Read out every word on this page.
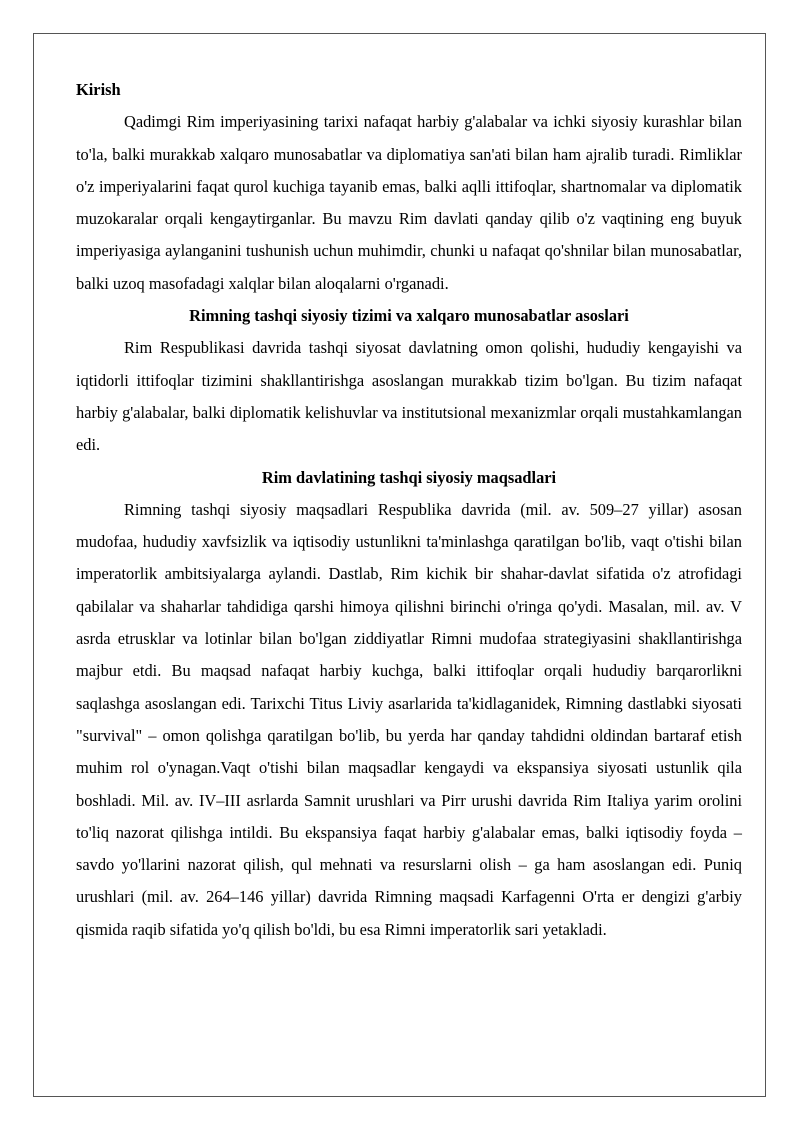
Kirish

Qadimgi Rim imperiyasining tarixi nafaqat harbiy g'alabalar va ichki siyosiy kurashlar bilan to'la, balki murakkab xalqaro munosabatlar va diplomatiya san'ati bilan ham ajralib turadi. Rimliklar o'z imperiyalarini faqat qurol kuchiga tayanib emas, balki aqlli ittifoqlar, shartnomalar va diplomatik muzokaralar orqali kengaytirganlar. Bu mavzu Rim davlati qanday qilib o'z vaqtining eng buyuk imperiyasiga aylanganini tushunish uchun muhimdir, chunki u nafaqat qo'shnilar bilan munosabatlar, balki uzoq masofadagi xalqlar bilan aloqalarni o'rganadi.

Rimning tashqi siyosiy tizimi va xalqaro munosabatlar asoslari

Rim Respublikasi davrida tashqi siyosat davlatning omon qolishi, hududiy kengayishi va iqtidorli ittifoqlar tizimini shakllantirishga asoslangan murakkab tizim bo'lgan. Bu tizim nafaqat harbiy g'alabalar, balki diplomatik kelishuvlar va institutsional mexanizmlar orqali mustahkamlangan edi.

Rim davlatining tashqi siyosiy maqsadlari

Rimning tashqi siyosiy maqsadlari Respublika davrida (mil. av. 509–27 yillar) asosan mudofaa, hududiy xavfsizlik va iqtisodiy ustunlikni ta'minlashga qaratilgan bo'lib, vaqt o'tishi bilan imperatorlik ambitsiyalarga aylandi. Dastlab, Rim kichik bir shahar-davlat sifatida o'z atrofidagi qabilalar va shaharlar tahdidiga qarshi himoya qilishni birinchi o'ringa qo'ydi. Masalan, mil. av. V asrda etrusklar va lotinlar bilan bo'lgan ziddiyatlar Rimni mudofaa strategiyasini shakllantirishga majbur etdi. Bu maqsad nafaqat harbiy kuchga, balki ittifoqlar orqali hududiy barqarorlikni saqlashga asoslangan edi. Tarixchi Titus Liviy asarlarida ta'kidlaganidek, Rimning dastlabki siyosati "survival" – omon qolishga qaratilgan bo'lib, bu yerda har qanday tahdidni oldindan bartaraf etish muhim rol o'ynagan.Vaqt o'tishi bilan maqsadlar kengaydi va ekspansiya siyosati ustunlik qila boshladi. Mil. av. IV–III asrlarda Samnit urushlari va Pirr urushi davrida Rim Italiya yarim orolini to'liq nazorat qilishga intildi. Bu ekspansiya faqat harbiy g'alabalar emas, balki iqtisodiy foyda – savdo yo'llarini nazorat qilish, qul mehnati va resurslarni olish – ga ham asoslangan edi. Puniq urushlari (mil. av. 264–146 yillar) davrida Rimning maqsadi Karfagenni O'rta er dengizi g'arbiy qismida raqib sifatida yo'q qilish bo'ldi, bu esa Rimni imperatorlik sari yetakladi.
